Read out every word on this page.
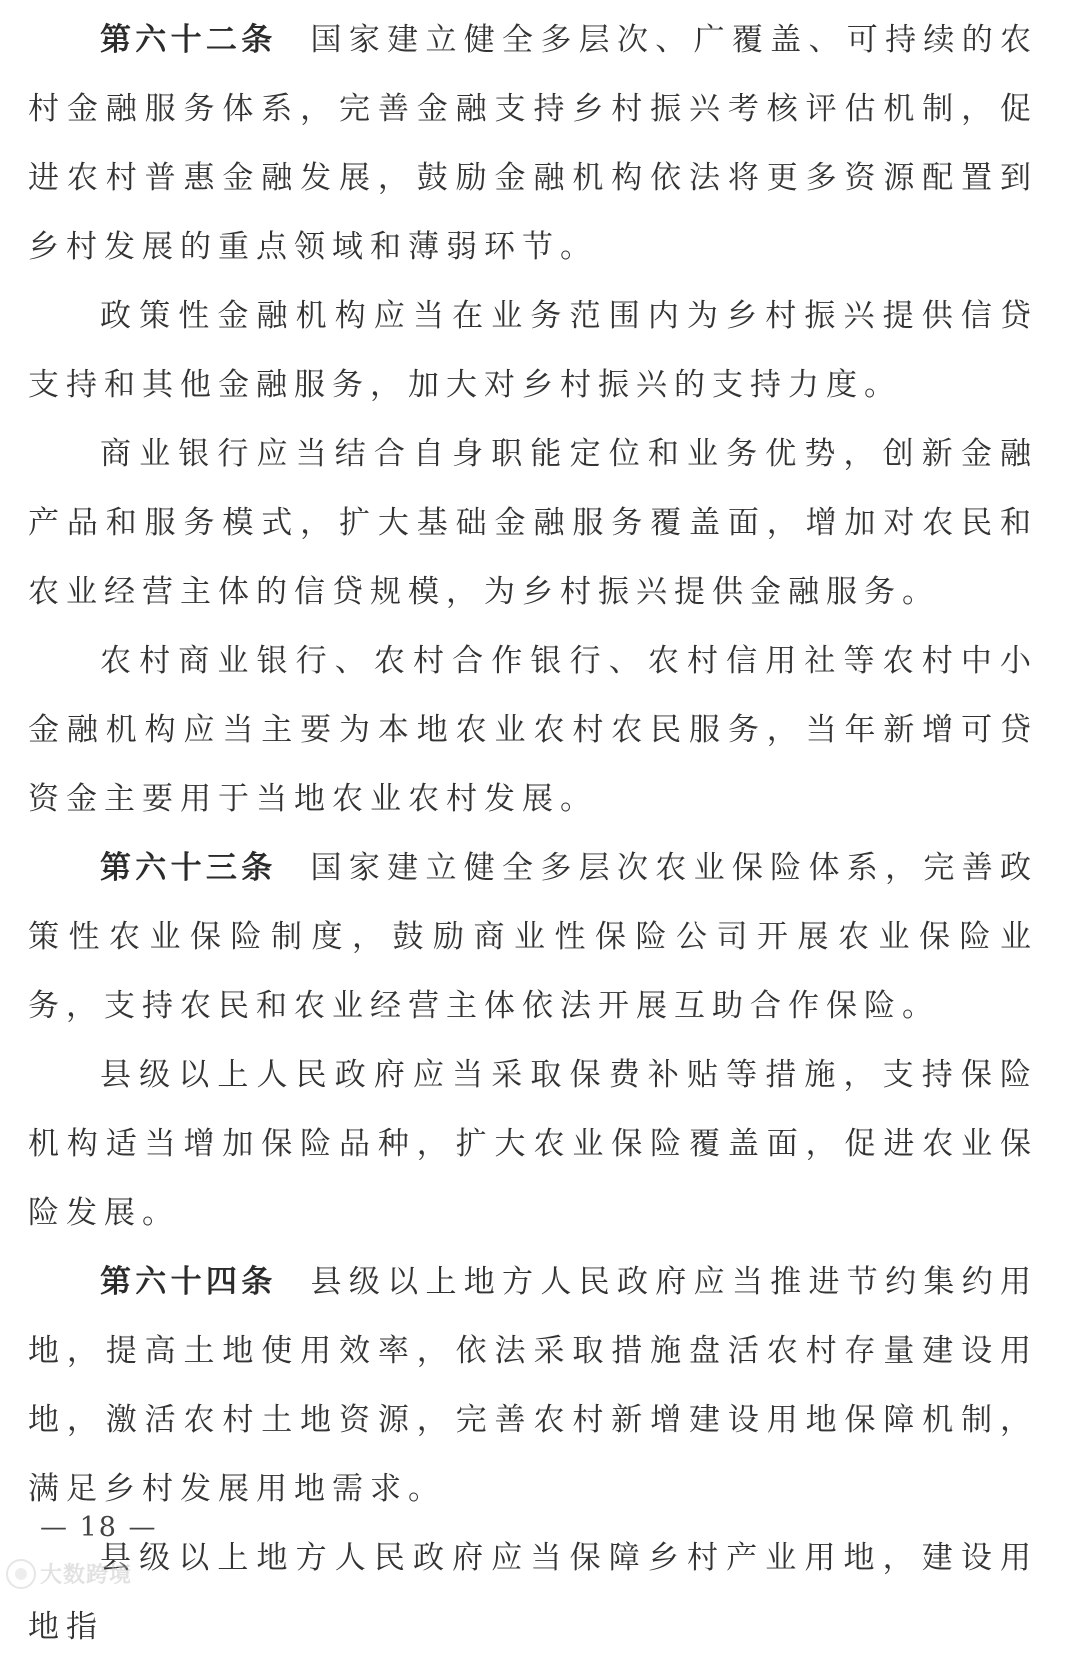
第六十二条 国家建立健全多层次、广覆盖、可持续的农村金融服务体系，完善金融支持乡村振兴考核评估机制，促进农村普惠金融发展，鼓励金融机构依法将更多资源配置到乡村发展的重点领域和薄弱环节。

政策性金融机构应当在业务范围内为乡村振兴提供信贷支持和其他金融服务，加大对乡村振兴的支持力度。

商业银行应当结合自身职能定位和业务优势，创新金融产品和服务模式，扩大基础金融服务覆盖面，增加对农民和农业经营主体的信贷规模，为乡村振兴提供金融服务。

农村商业银行、农村合作银行、农村信用社等农村中小金融机构应当主要为本地农业农村农民服务，当年新增可贷资金主要用于当地农业农村发展。

第六十三条 国家建立健全多层次农业保险体系，完善政策性农业保险制度，鼓励商业性保险公司开展农业保险业务，支持农民和农业经营主体依法开展互助合作保险。

县级以上人民政府应当采取保费补贴等措施，支持保险机构适当增加保险品种，扩大农业保险覆盖面，促进农业保险发展。

第六十四条 县级以上地方人民政府应当推进节约集约用地，提高土地使用效率，依法采取措施盘活农村存量建设用地，激活农村土地资源，完善农村新增建设用地保障机制，满足乡村发展用地需求。

县级以上地方人民政府应当保障乡村产业用地，建设用地指

— 18 —
大数跨境
